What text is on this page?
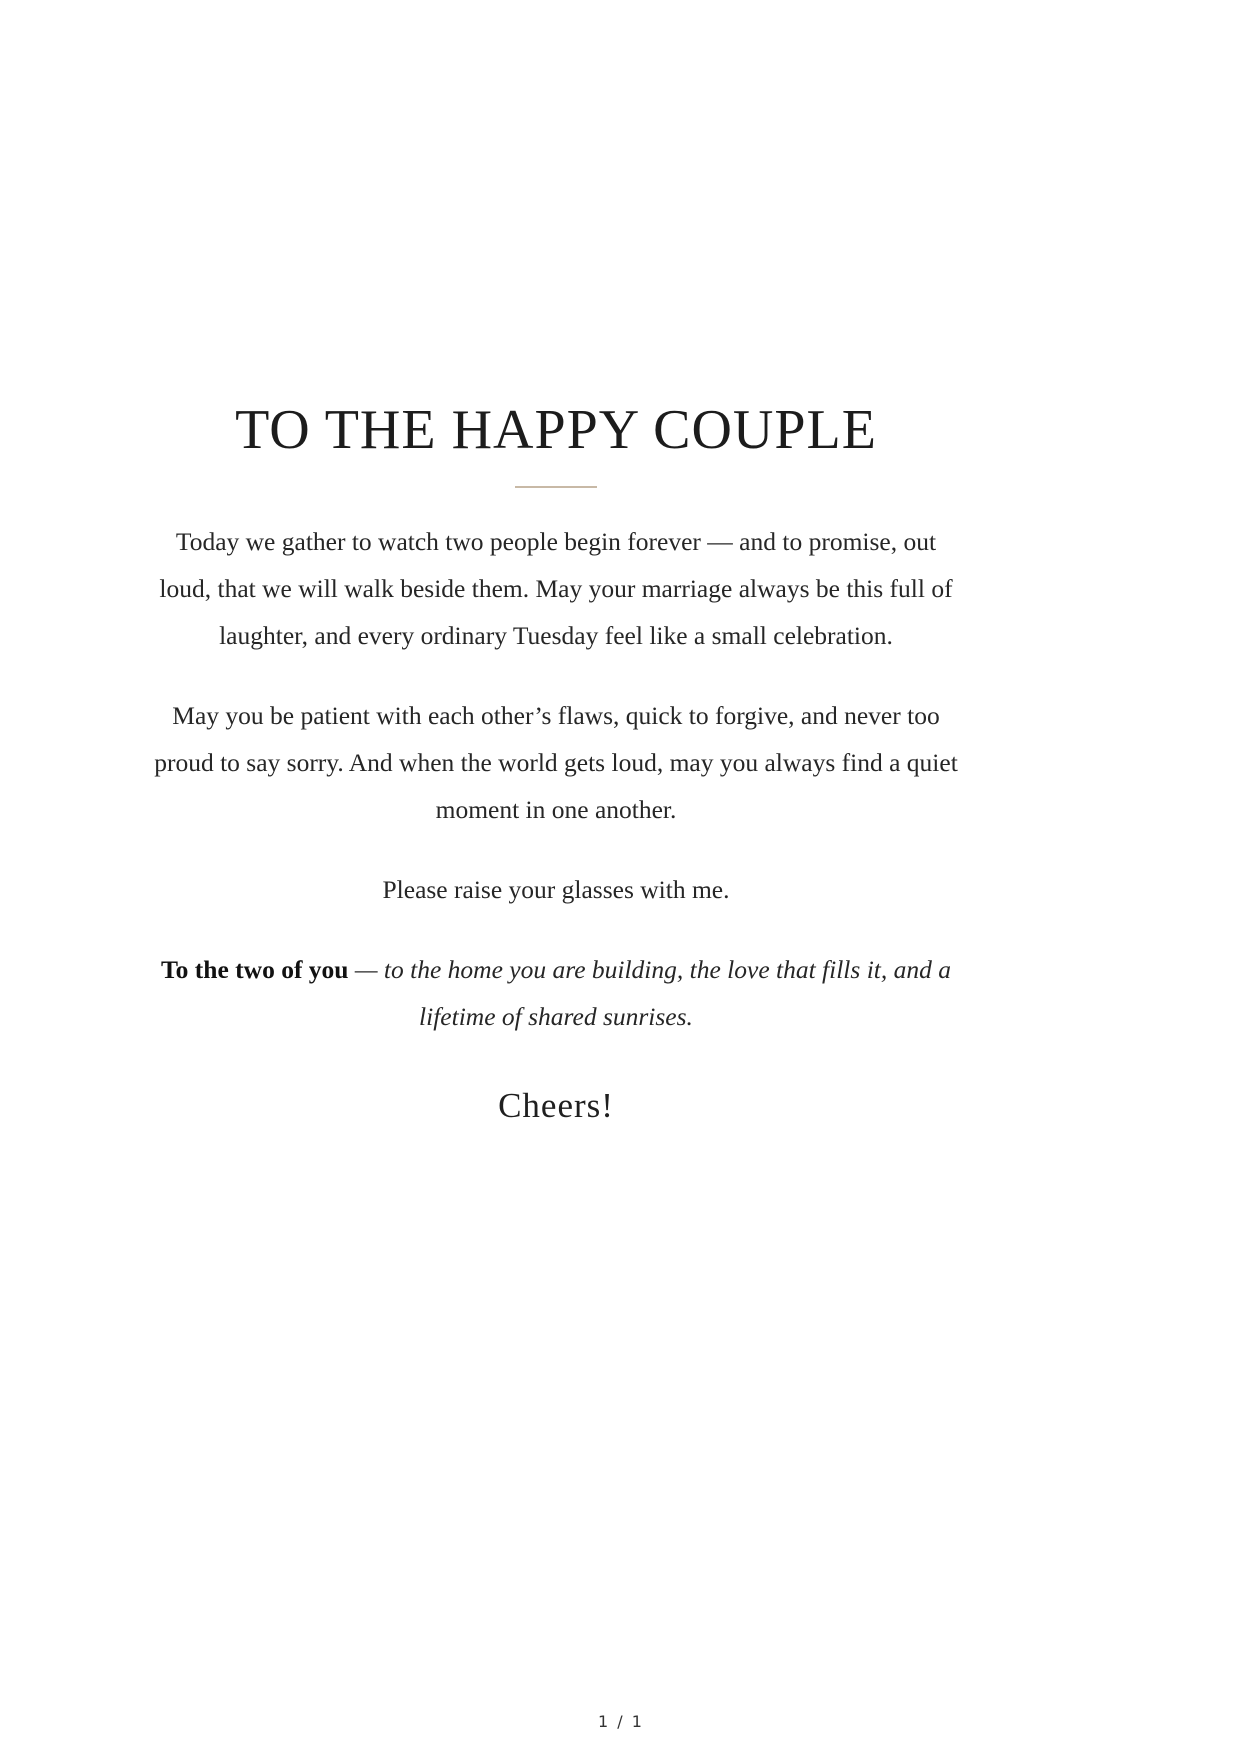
TO THE HAPPY COUPLE

Today we gather to watch two people begin forever — and to promise, out loud, that we will walk beside them. May your marriage always be this full of laughter, and every ordinary Tuesday feel like a small celebration.

May you be patient with each other’s flaws, quick to forgive, and never too proud to say sorry. And when the world gets loud, may you always find a quiet moment in one another.

Please raise your glasses with me.

To the two of you — to the home you are building, the love that fills it, and a lifetime of shared sunrises.

Cheers!

1 / 1
